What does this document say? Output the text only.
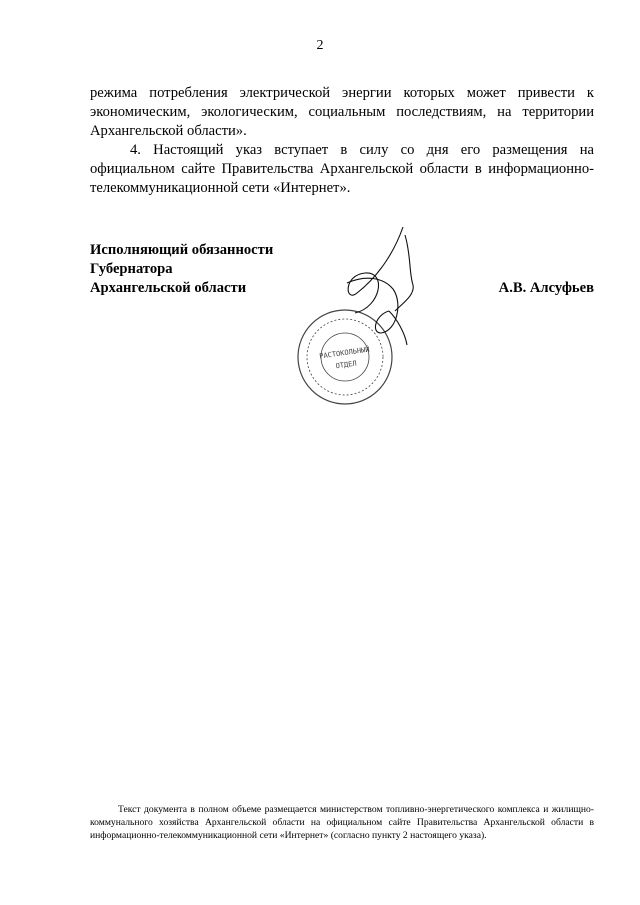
2

режима потребления электрической энергии которых может привести к экономическим, экологическим, социальным последствиям, на территории Архангельской области».

4. Настоящий указ вступает в силу со дня его размещения на официальном сайте Правительства Архангельской области в информационно-телекоммуникационной сети «Интернет».

Исполняющий обязанности
Губернатора
Архангельской области	А.В. Алсуфьев
РАСТОКОЛЬНЫЙ
ОТДЕЛ

Текст документа в полном объеме размещается министерством топливно-энергетического комплекса и жилищно-коммунального хозяйства Архангельской области на официальном сайте Правительства Архангельской области в информационно-телекоммуникационной сети «Интернет» (согласно пункту 2 настоящего указа).
